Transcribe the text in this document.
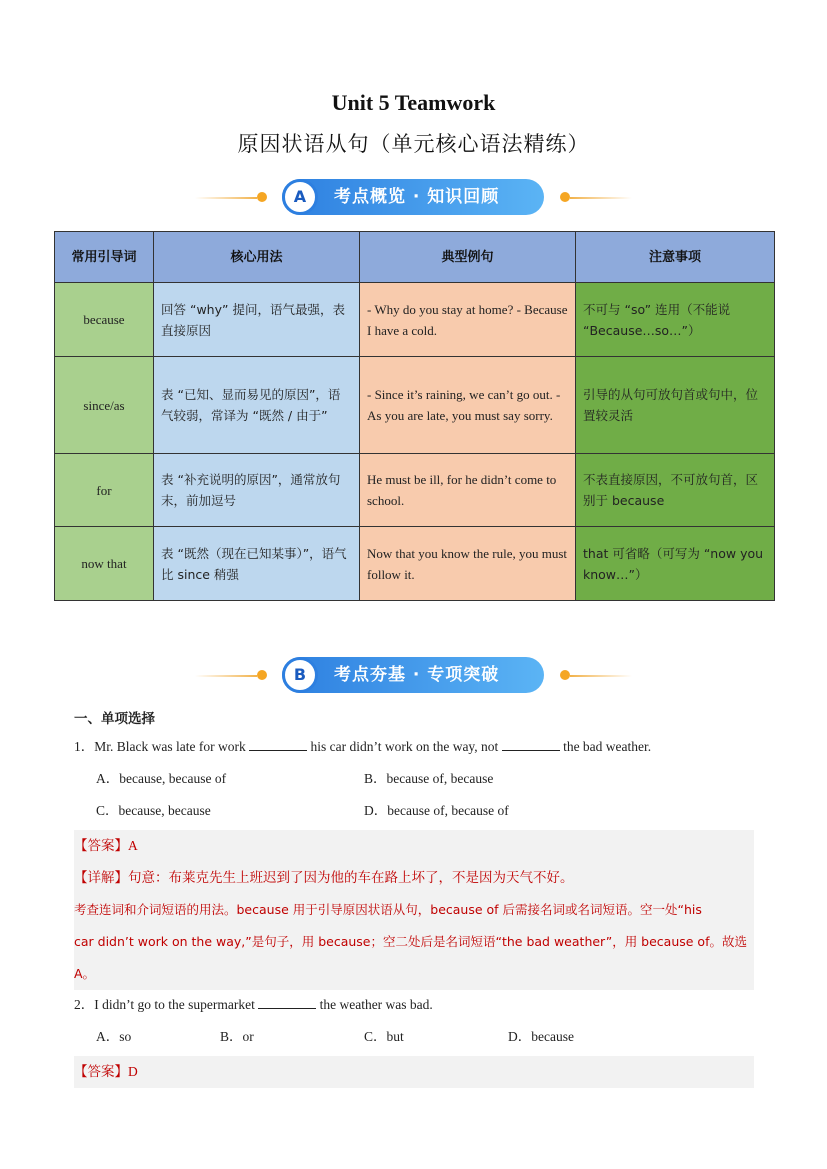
Unit 5 Teamwork
原因状语从句（单元核心语法精练）
A	考点概览 · 知识回顾
常用引导词	核心用法	典型例句	注意事项
because	回答 “why” 提问，语气最强，表直接原因	- Why do you stay at home? - Because I have a cold.	不可与 “so” 连用（不能说 “Because…so…”）
since/as	表 “已知、显而易见的原因”，语气较弱，常译为 “既然 / 由于”	- Since it’s raining, we can’t go out. - As you are late, you must say sorry.	引导的从句可放句首或句中，位置较灵活
for	表 “补充说明的原因”，通常放句末，前加逗号	He must be ill, for he didn’t come to school.	不表直接原因，不可放句首，区别于 because
now that	表 “既然（现在已知某事）”，语气比 since 稍强	Now that you know the rule, you must follow it.	that 可省略（可写为 “now you know…”）
B	考点夯基 · 专项突破
一、单项选择
1．Mr. Black was late for work	his car didn’t work on the way, not	the bad weather.
A．because, because of	B．because of, because
C．because, because	D．because of, because of

【答案】A

【详解】句意：布莱克先生上班迟到了因为他的车在路上坏了，不是因为天气不好。

考查连词和介词短语的用法。because 用于引导原因状语从句，because of 后需接名词或名词短语。空一处“his

car didn’t work on the way,”是句子，用 because；空二处后是名词短语“the bad weather”，用 because of。故选

A。

2．I didn’t go to the supermarket	the weather was bad.
A．so	B．or	C．but	D．because

【答案】D
